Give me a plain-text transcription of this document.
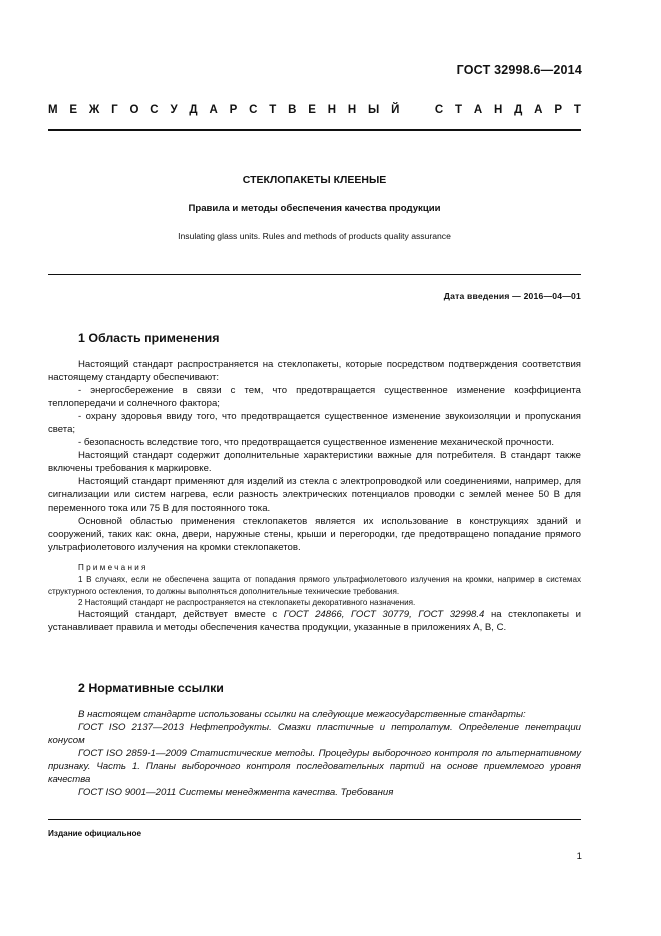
ГОСТ 32998.6—2014
М Е Ж Г О С У Д А Р С Т В Е Н Н Ы Й	С Т А Н Д А Р Т
СТЕКЛОПАКЕТЫ КЛЕЕНЫЕ
Правила и методы обеспечения качества продукции
Insulating glass units. Rules and methods of products quality assurance
Дата введения — 2016—04—01
1 Область применения

Настоящий стандарт распространяется на стеклопакеты, которые посредством подтверждения соответствия настоящему стандарту обеспечивают:

- энергосбережение в связи с тем, что предотвращается существенное изменение коэффициента теплопередачи и солнечного фактора;

- охрану здоровья ввиду того, что предотвращается существенное изменение звукоизоляции и пропускания света;

- безопасность вследствие того, что предотвращается существенное изменение механической прочности.

Настоящий стандарт содержит дополнительные характеристики важные для потребителя. В стандарт также включены требования к маркировке.

Настоящий стандарт применяют для изделий из стекла с электропроводкой или соединениями, например, для сигнализации или систем нагрева, если разность электрических потенциалов проводки с землей менее 50 В для переменного тока или 75 В для постоянного тока.

Основной областью применения стеклопакетов является их использование в конструкциях зданий и сооружений, таких как: окна, двери, наружные стены, крыши и перегородки, где предотвращено попадание прямого ультрафиолетового излучения на кромки стеклопакетов.

Примечания

1 В случаях, если не обеспечена защита от попадания прямого ультрафиолетового излучения на кромки, например в системах структурного остекления, то должны выполняться дополнительные технические требования.

2 Настоящий стандарт не распространяется на стеклопакеты декоративного назначения.

Настоящий стандарт, действует вместе с ГОСТ 24866, ГОСТ 30779, ГОСТ 32998.4 на стеклопакеты и устанавливает правила и методы обеспечения качества продукции, указанные в приложениях А, В, С.

2 Нормативные ссылки

В настоящем стандарте использованы ссылки на следующие межгосударственные стандарты:

ГОСТ ISO 2137—2013 Нефтепродукты. Смазки пластичные и петролатум. Определение пенетрации конусом

ГОСТ ISO 2859-1—2009 Статистические методы. Процедуры выборочного контроля по альтернативному признаку. Часть 1. Планы выборочного контроля последовательных партий на основе приемлемого уровня качества

ГОСТ ISO 9001—2011 Системы менеджмента качества. Требования

Издание официальное
1
